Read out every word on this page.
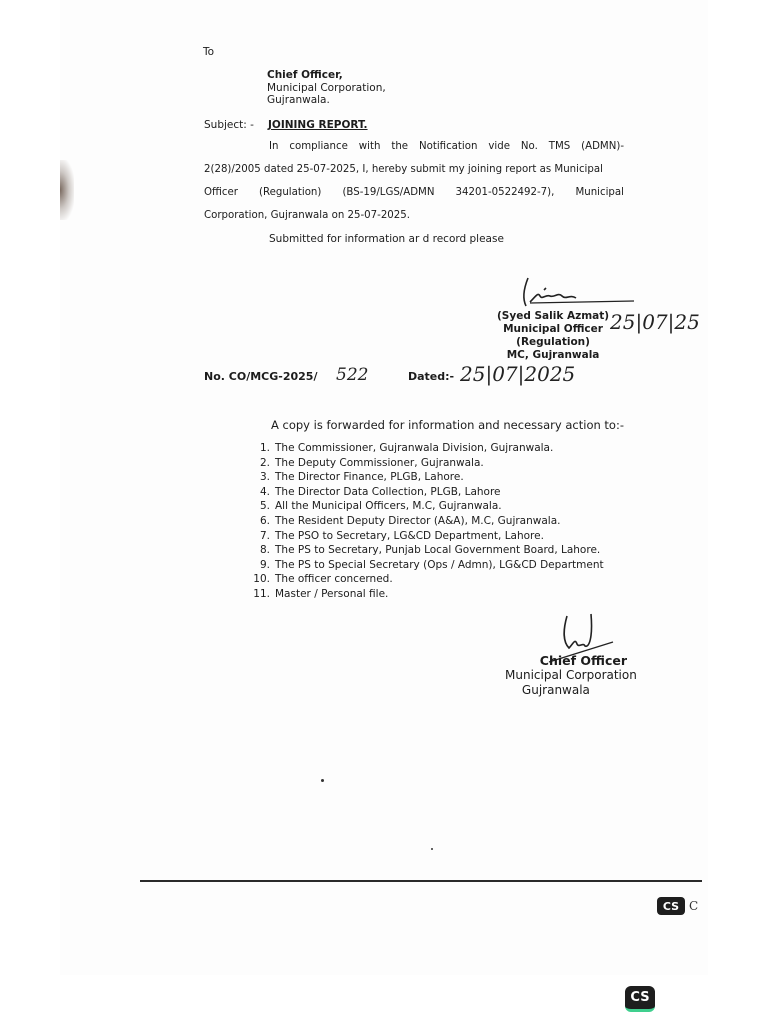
To
Chief Officer,
Municipal Corporation,
Gujranwala.
Subject: - JOINING REPORT.
In compliance with the Notification vide No. TMS (ADMN)-
2(28)/2005 dated 25-07-2025, I, hereby submit my joining report as Municipal
Officer (Regulation) (BS-19/LGS/ADMN 34201-0522492-7), Municipal
Corporation, Gujranwala on 25-07-2025.
Submitted for information ar d record please
(Syed Salik Azmat)
Municipal Officer
(Regulation)
MC, Gujranwala
25|07|25
No. CO/MCG-2025/ 522	Dated:- 25|07|2025
A copy is forwarded for information and necessary action to:-
1. The Commissioner, Gujranwala Division, Gujranwala.
2. The Deputy Commissioner, Gujranwala.
3. The Director Finance, PLGB, Lahore.
4. The Director Data Collection, PLGB, Lahore
5. All the Municipal Officers, M.C, Gujranwala.
6. The Resident Deputy Director (A&A), M.C, Gujranwala.
7. The PSO to Secretary, LG&CD Department, Lahore.
8. The PS to Secretary, Punjab Local Government Board, Lahore.
9. The PS to Special Secretary (Ops / Admn), LG&CD Department
10. The officer concerned.
11. Master / Personal file.
Chief Officer
Municipal Corporation
Gujranwala
CS C
CS
